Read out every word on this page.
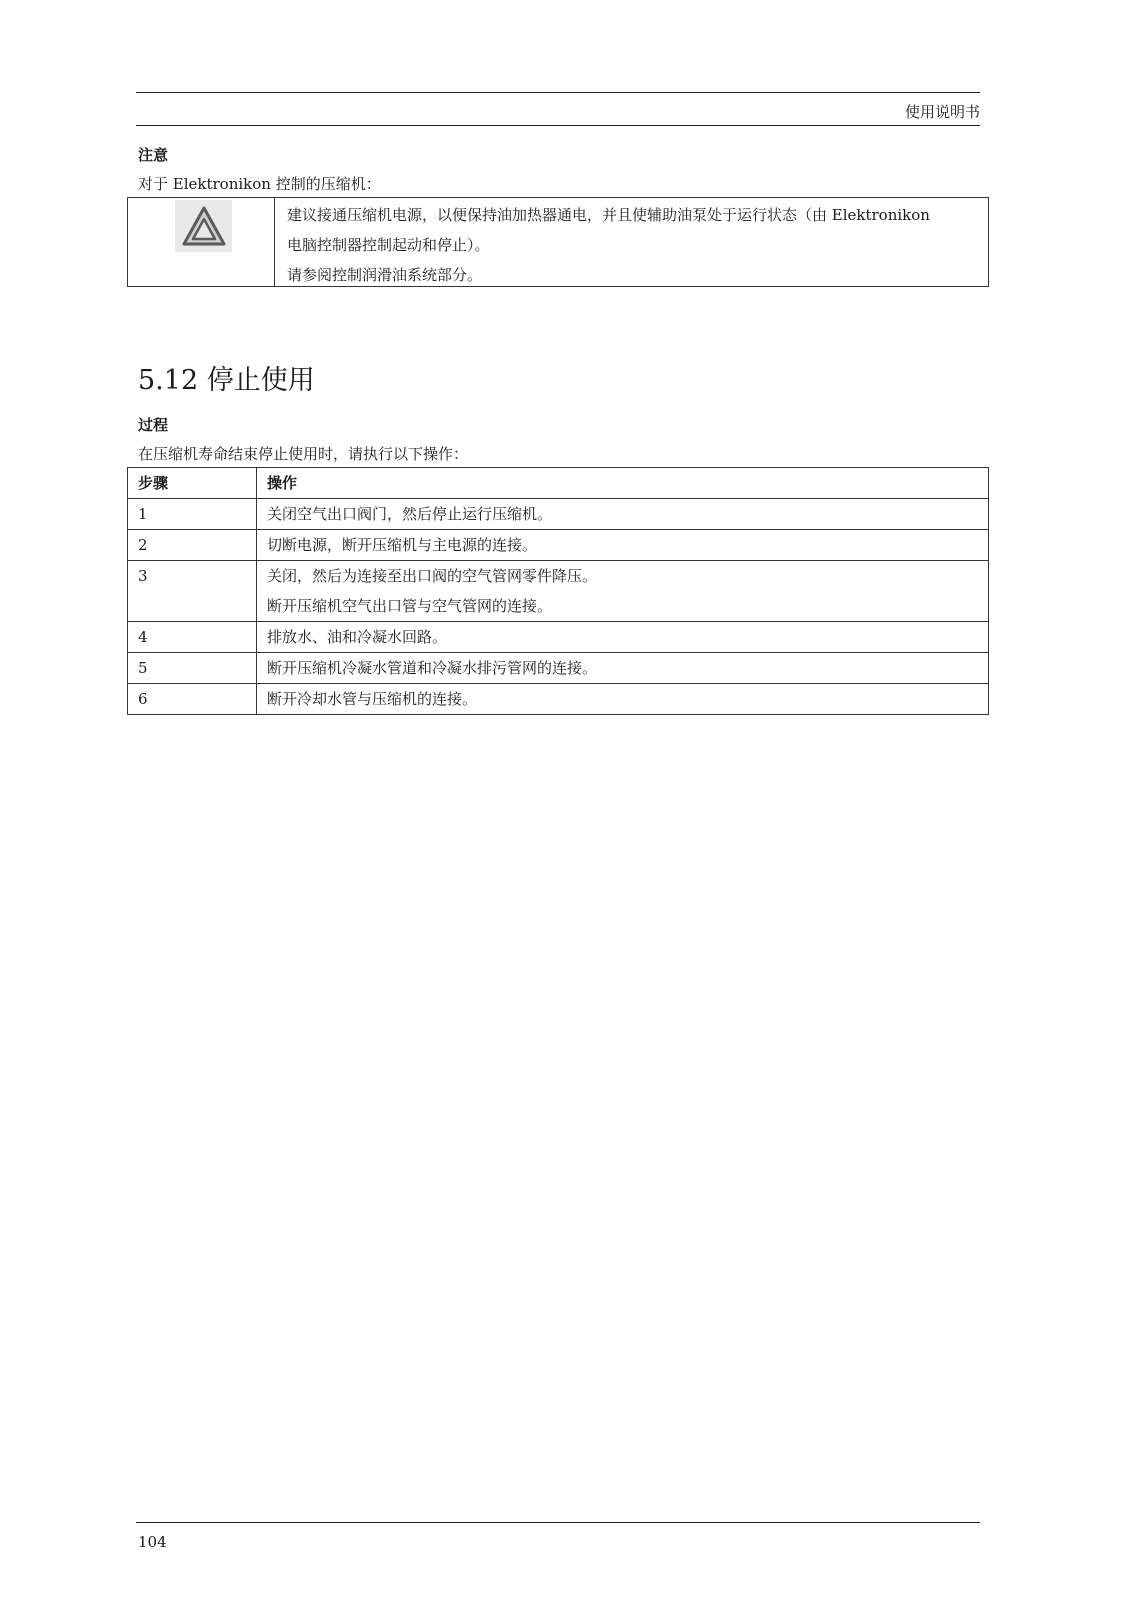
使用说明书
注意
对于 Elektronikon 控制的压缩机：
建议接通压缩机电源，以便保持油加热器通电，并且使辅助油泵处于运行状态（由 Elektronikon
电脑控制器控制起动和停止）。
请参阅控制润滑油系统部分。
5.12 停止使用
过程
在压缩机寿命结束停止使用时，请执行以下操作：
步骤	操作
1	关闭空气出口阀门，然后停止运行压缩机。
2	切断电源，断开压缩机与主电源的连接。
3	关闭，然后为连接至出口阀的空气管网零件降压。
断开压缩机空气出口管与空气管网的连接。

4	排放水、油和冷凝水回路。
5	断开压缩机冷凝水管道和冷凝水排污管网的连接。
6	断开冷却水管与压缩机的连接。
104
